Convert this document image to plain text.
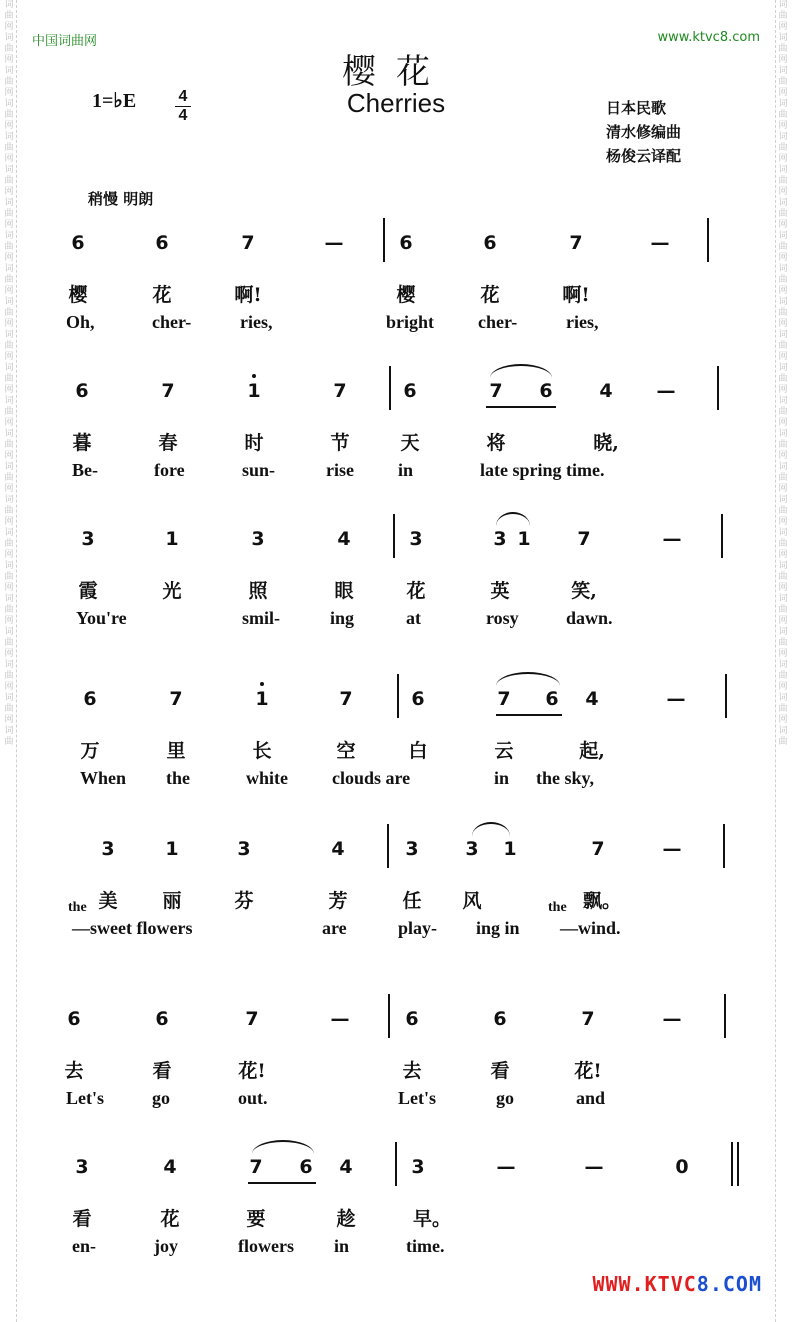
词
曲
网
词
曲
网
词
曲
网
词
曲
网
词
曲
网
词
曲
网
词
曲
网
词
曲
网
词
曲
网
词
曲
网
词
曲
网
词
曲
网
词
曲
网
词
曲
网
词
曲
网
词
曲
网
词
曲
网
词
曲
网
词
曲
网
词
曲
网
词
曲
网
词
曲
网
词
曲
词
曲
网
词
曲
网
词
曲
网
词
曲
网
词
曲
网
词
曲
网
词
曲
网
词
曲
网
词
曲
网
词
曲
网
词
曲
网
词
曲
网
词
曲
网
词
曲
网
词
曲
网
词
曲
网
词
曲
网
词
曲
网
词
曲
网
词
曲
网
词
曲
网
词
曲
网
词
曲
中国词曲网	www.ktvc8.com
樱花
Cherries
1=♭E	4
4	日本民歌
清水修编曲
杨俊云译配
稍慢 明朗
6	6	7	—	6	6	7	—
樱	花	啊!	樱	花	啊!
Oh,	cher-	ries,	bright cher-	ries,
6	7	1	7	6	7 6 4 —
暮	春	时	节	天	将	晓,
Be-	fore	sun-	rise in	late spring time.
3	1	3	4	3	3 1 7	—
霞	光	照	眼	花	英	笑,
You're	smil-	ing	at	rosy	dawn.
6	7	1	7	6	7 6 4	—
万	里	长	空	白	云	起,
When the	white clouds are	in the sky,
3	1	3	4	3 3 1	7	—
美 丽	芬	芳	任 风	飘。
—sweet flowers	are	play- ing in —wind.
the	the
6	6	7	—	6	6	7	—
去	看	花!	去	看	花!
Let's	go	out.	Let's	go	and
3	4	7 6 4	3	—	—	0
看	花	要	趁	早。
en-	joy	flowers in	time.
WWW.KTVC8.COM
